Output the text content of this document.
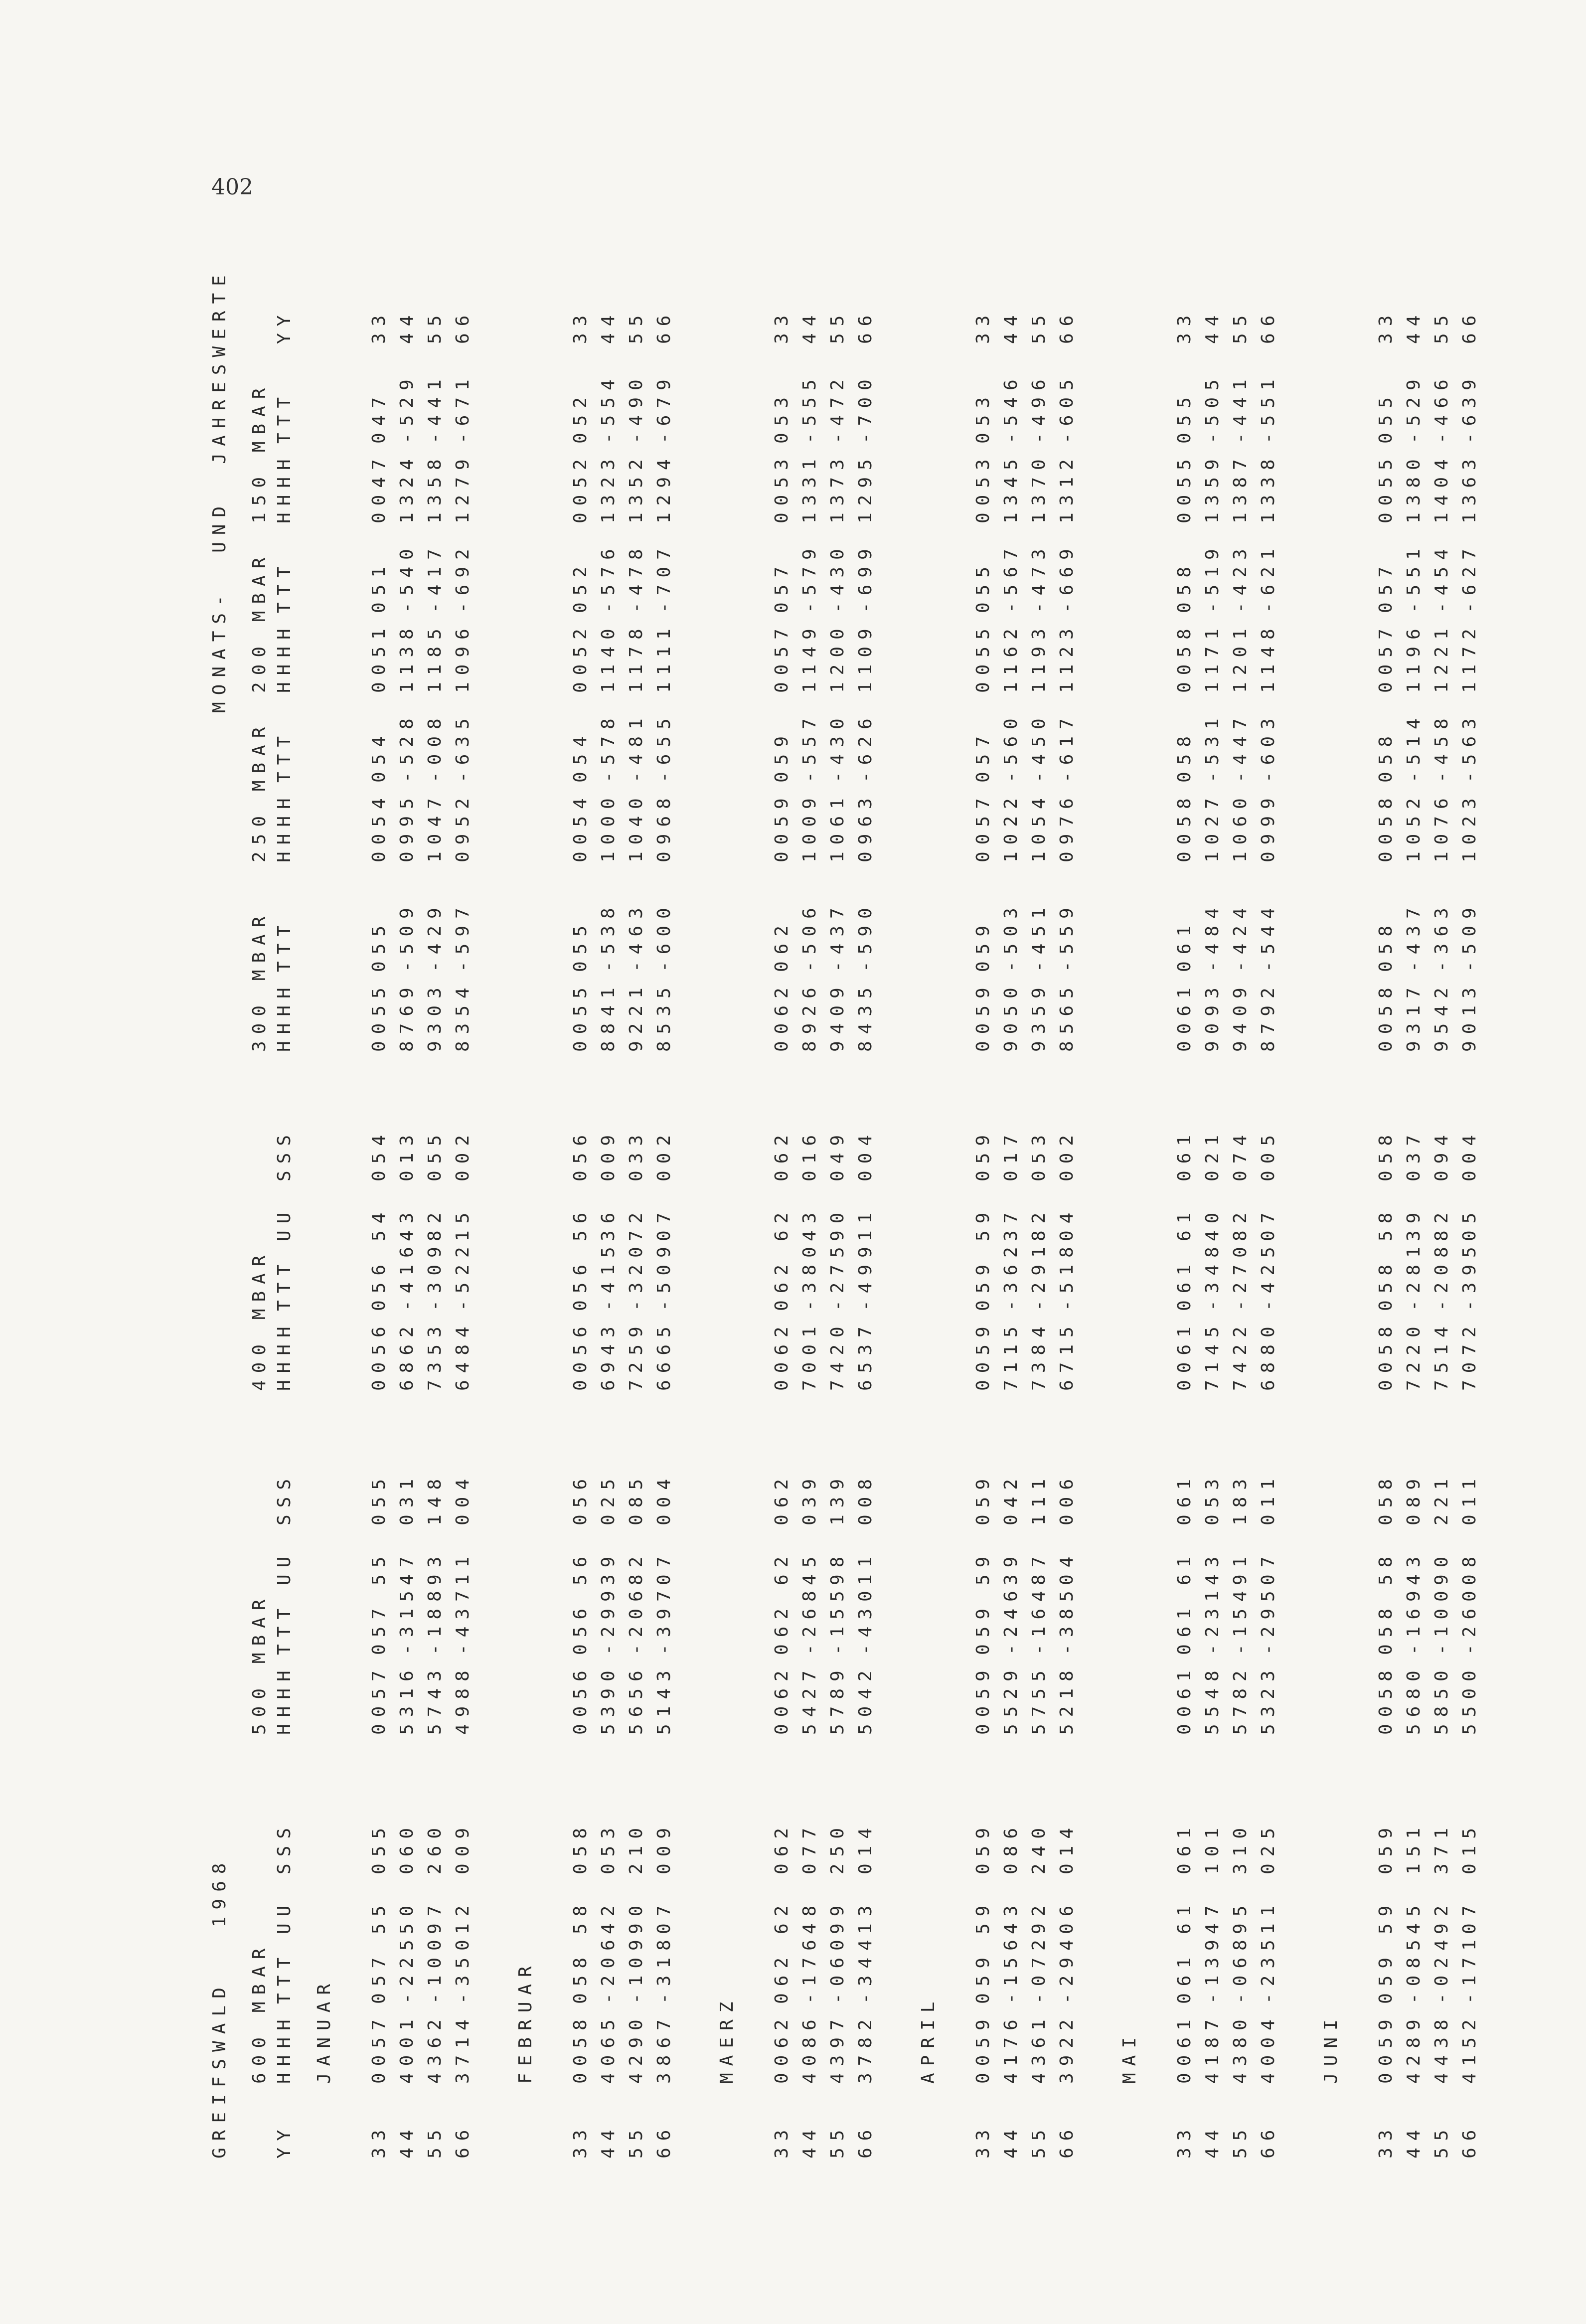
402

GREIFSWALD   1968

MONATS-  UND  JAHRESWERTE

600 MBAR
500 MBAR
400 MBAR
300 MBAR
250 MBAR
200 MBAR
150 MBAR

HHHH
TTT
UU
SSS
HHHH
TTT
UU
SSS
HHHH
TTT
UU
SSS
HHHH
TTT
HHHH
TTT
HHHH
TTT
HHHH
TTT
YY
YY

JANUAR
33
0057
057
55
055
0057
057
55
055
0056
056
54
054
0055
055
0054
054
0051
051
0047
047
33
44
4001
-225
50
060
5316
-315
47
031
6862
-416
43
013
8769
-509
0995
-528
1138
-540
1324
-529
44
55
4362
-100
97
260
5743
-188
93
148
7353
-309
82
055
9303
-429
1047
-008
1185
-417
1358
-441
55
66
3714
-350
12
009
4988
-437
11
004
6484
-522
15
002
8354
-597
0952
-635
1096
-692
1279
-671
66
FEBRUAR
33
0058
058
58
058
0056
056
56
056
0056
056
56
056
0055
055
0054
054
0052
052
0052
052
33
44
4065
-206
42
053
5390
-299
39
025
6943
-415
36
009
8841
-538
1000
-578
1140
-576
1323
-554
44
55
4290
-109
90
210
5656
-206
82
085
7259
-320
72
033
9221
-463
1040
-481
1178
-478
1352
-490
55
66
3867
-318
07
009
5143
-397
07
004
6665
-509
07
002
8535
-600
0968
-655
1111
-707
1294
-679
66
MAERZ
33
0062
062
62
062
0062
062
62
062
0062
062
62
062
0062
062
0059
059
0057
057
0053
053
33
44
4086
-176
48
077
5427
-268
45
039
7001
-380
43
016
8926
-506
1009
-557
1149
-579
1331
-555
44
55
4397
-060
99
250
5789
-155
98
139
7420
-275
90
049
9409
-437
1061
-430
1200
-430
1373
-472
55
66
3782
-344
13
014
5042
-430
11
008
6537
-499
11
004
8435
-590
0963
-626
1109
-699
1295
-700
66
APRIL
33
0059
059
59
059
0059
059
59
059
0059
059
59
059
0059
059
0057
057
0055
055
0053
053
33
44
4176
-156
43
086
5529
-246
39
042
7115
-362
37
017
9050
-503
1022
-560
1162
-567
1345
-546
44
55
4361
-072
92
240
5755
-164
87
111
7384
-291
82
053
9359
-451
1054
-450
1193
-473
1370
-496
55
66
3922
-294
06
014
5218
-385
04
006
6715
-518
04
002
8565
-559
0976
-617
1123
-669
1312
-605
66
MAI
33
0061
061
61
061
0061
061
61
061
0061
061
61
061
0061
061
0058
058
0058
058
0055
055
33
44
4187
-139
47
101
5548
-231
43
053
7145
-348
40
021
9093
-484
1027
-531
1171
-519
1359
-505
44
55
4380
-068
95
310
5782
-154
91
183
7422
-270
82
074
9409
-424
1060
-447
1201
-423
1387
-441
55
66
4004
-235
11
025
5323
-295
07
011
6880
-425
07
005
8792
-544
0999
-603
1148
-621
1338
-551
66
JUNI
33
0059
059
59
059
0058
058
58
058
0058
058
58
058
0058
058
0058
058
0057
057
0055
055
33
44
4289
-085
45
151
5680
-169
43
089
7220
-281
39
037
9317
-437
1052
-514
1196
-551
1380
-529
44
55
4438
-024
92
371
5850
-100
90
221
7514
-208
82
094
9542
-363
1076
-458
1221
-454
1404
-466
55
66
4152
-171
07
015
5500
-260
08
011
7072
-395
05
004
9013
-509
1023
-563
1172
-627
1363
-639
66
